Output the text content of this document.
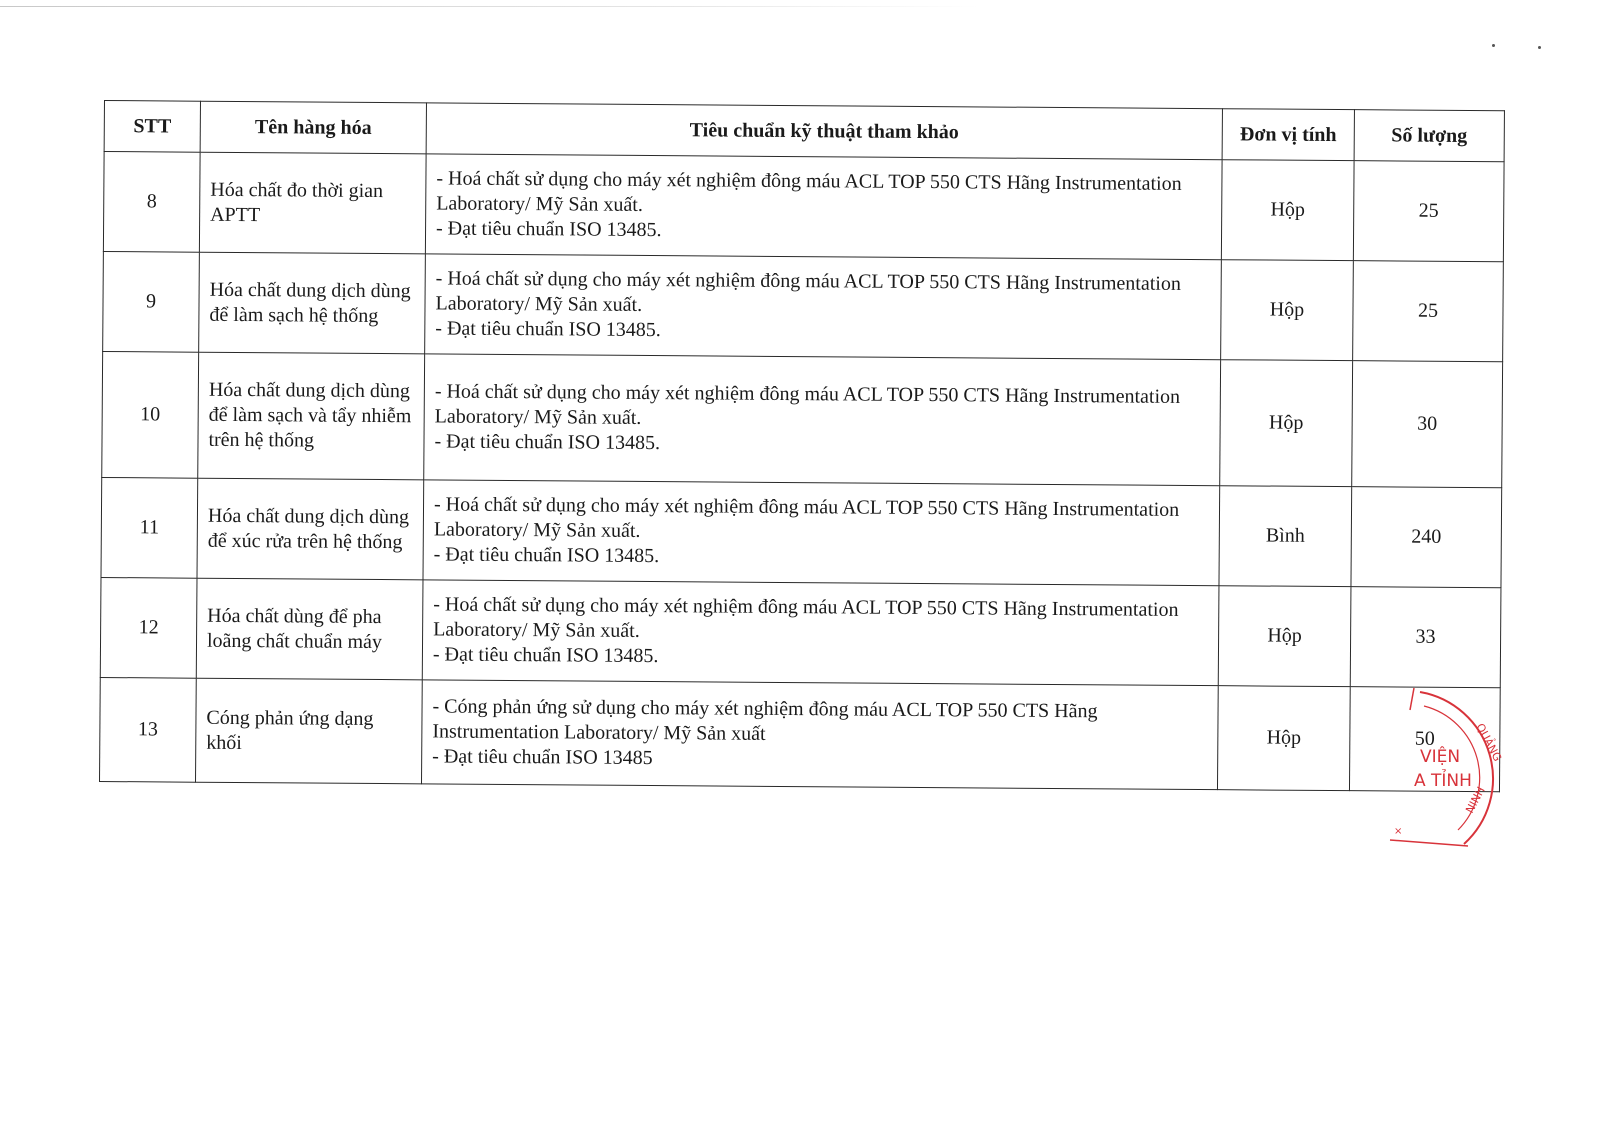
STT	Tên hàng hóa	Tiêu chuẩn kỹ thuật tham khảo	Đơn vị tính	Số lượng
8	Hóa chất đo thời gian APTT	- Hoá chất sử dụng cho máy xét nghiệm đông máu ACL TOP 550 CTS Hãng Instrumentation Laboratory/ Mỹ Sản xuất.
- Đạt tiêu chuẩn ISO 13485.	Hộp	25
9	Hóa chất dung dịch dùng để làm sạch hệ thống	- Hoá chất sử dụng cho máy xét nghiệm đông máu ACL TOP 550 CTS Hãng Instrumentation Laboratory/ Mỹ Sản xuất.
- Đạt tiêu chuẩn ISO 13485.	Hộp	25
10	Hóa chất dung dịch dùng để làm sạch và tẩy nhiễm trên hệ thống	- Hoá chất sử dụng cho máy xét nghiệm đông máu ACL TOP 550 CTS Hãng Instrumentation Laboratory/ Mỹ Sản xuất.
- Đạt tiêu chuẩn ISO 13485.	Hộp	30
11	Hóa chất dung dịch dùng để xúc rửa trên hệ thống	- Hoá chất sử dụng cho máy xét nghiệm đông máu ACL TOP 550 CTS Hãng Instrumentation Laboratory/ Mỹ Sản xuất.
- Đạt tiêu chuẩn ISO 13485.	Bình	240
12	Hóa chất dùng để pha loãng chất chuẩn máy	- Hoá chất sử dụng cho máy xét nghiệm đông máu ACL TOP 550 CTS Hãng Instrumentation Laboratory/ Mỹ Sản xuất.
- Đạt tiêu chuẩn ISO 13485.	Hộp	33
13	Cóng phản ứng dạng khối	- Cóng phản ứng sử dụng cho máy xét nghiệm đông máu ACL TOP 550 CTS Hãng Instrumentation Laboratory/ Mỹ Sản xuất
- Đạt tiêu chuẩn ISO 13485	Hộp	50	QUẢNG
VIỆN
A TỈNH
NINH
×
